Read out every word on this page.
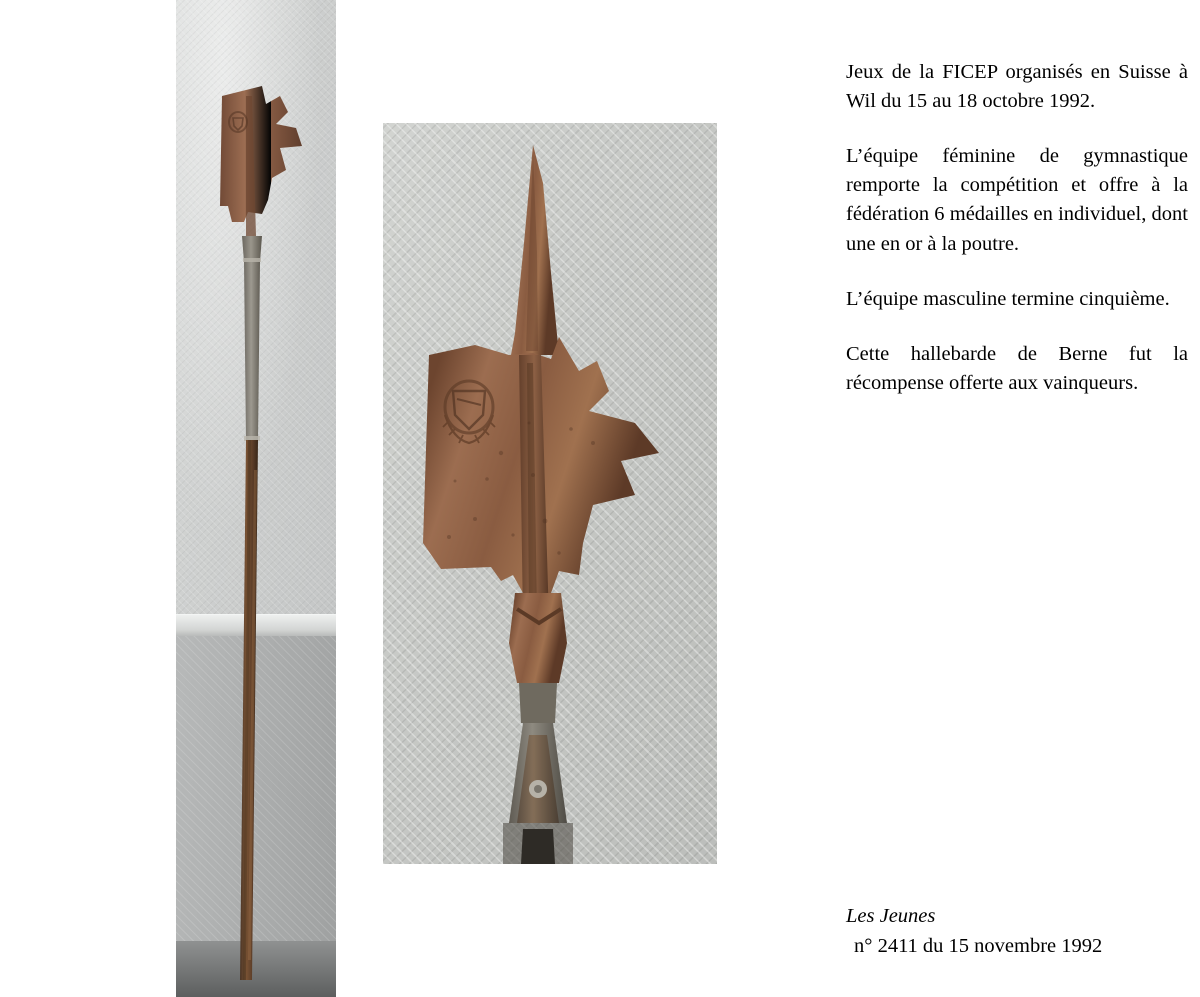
Jeux de la FICEP organisés en Suisse à Wil du 15 au 18 octobre 1992.

L’équipe féminine de gymnastique remporte la compétition et offre à la fédération 6 médailles en individuel, dont une en or à la poutre.

L’équipe masculine termine cinquième.

Cette hallebarde de Berne fut la récompense offerte aux vainqueurs.

Les Jeunes
n° 2411 du 15 novembre 1992
